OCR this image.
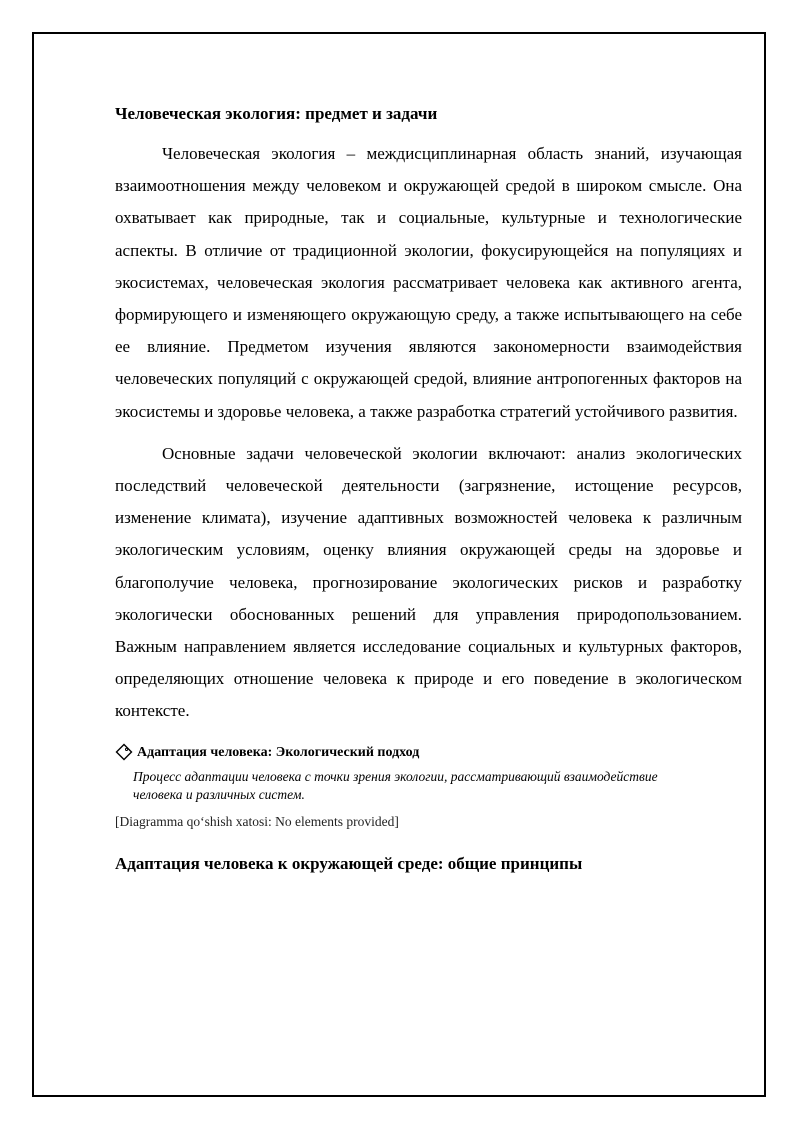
Человеческая экология: предмет и задачи

Человеческая экология – междисциплинарная область знаний, изучающая взаимоотношения между человеком и окружающей средой в широком смысле. Она охватывает как природные, так и социальные, культурные и технологические аспекты. В отличие от традиционной экологии, фокусирующейся на популяциях и экосистемах, человеческая экология рассматривает человека как активного агента, формирующего и изменяющего окружающую среду, а также испытывающего на себе ее влияние. Предметом изучения являются закономерности взаимодействия человеческих популяций с окружающей средой, влияние антропогенных факторов на экосистемы и здоровье человека, а также разработка стратегий устойчивого развития.

Основные задачи человеческой экологии включают: анализ экологических последствий человеческой деятельности (загрязнение, истощение ресурсов, изменение климата), изучение адаптивных возможностей человека к различным экологическим условиям, оценку влияния окружающей среды на здоровье и благополучие человека, прогнозирование экологических рисков и разработку экологически обоснованных решений для управления природопользованием. Важным направлением является исследование социальных и культурных факторов, определяющих отношение человека к природе и его поведение в экологическом контексте.

Адаптация человека: Экологический подход
Процесс адаптации человека с точки зрения экологии, рассматривающий взаимодействие человека и различных систем.
[Diagramma qo‘shish xatosi: No elements provided]
Адаптация человека к окружающей среде: общие принципы
